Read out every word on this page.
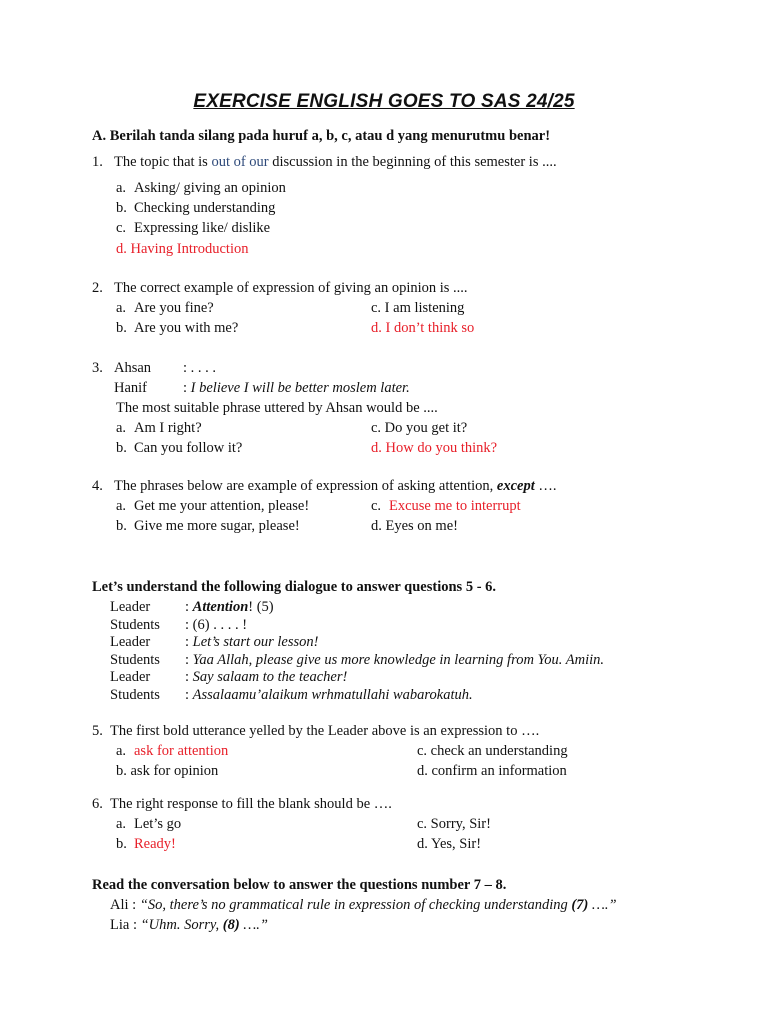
EXERCISE ENGLISH GOES TO SAS 24/25
A. Berilah tanda silang pada huruf a, b, c, atau d yang menurutmu benar!
1. The topic that is out of our discussion in the beginning of this semester is ....
a. Asking/ giving an opinion
b. Checking understanding
c. Expressing like/ dislike
d. Having Introduction
2. The correct example of expression of giving an opinion is ....
a. Are you fine?
b. Are you with me?
c. I am listening
d. I don’t think so
3. Ahsan : . . . .
Hanif : I believe I will be better moslem later.
The most suitable phrase uttered by Ahsan would be ....
a. Am I right?
b. Can you follow it?
c. Do you get it?
d. How do you think?
4. The phrases below are example of expression of asking attention, except ….
a. Get me your attention, please!
b. Give me more sugar, please!
c. Excuse me to interrupt
d. Eyes on me!
Let’s understand the following dialogue to answer questions 5 - 6.
Leader : Attention! (5)
Students : (6) . . . . !
Leader : Let’s start our lesson!
Students : Yaa Allah, please give us more knowledge in learning from You. Amiin.
Leader : Say salaam to the teacher!
Students : Assalaamu’alaikum wrhmatullahi wabarokatuh.
5. The first bold utterance yelled by the Leader above is an expression to ….
a. ask for attention
b. ask for opinion
c. check an understanding
d. confirm an information
6. The right response to fill the blank should be ….
a. Let’s go
b. Ready!
c. Sorry, Sir!
d. Yes, Sir!
Read the conversation below to answer the questions number 7 – 8.
Ali : “So, there’s no grammatical rule in expression of checking understanding (7) ….”
Lia : “Uhm. Sorry, (8) ….”
